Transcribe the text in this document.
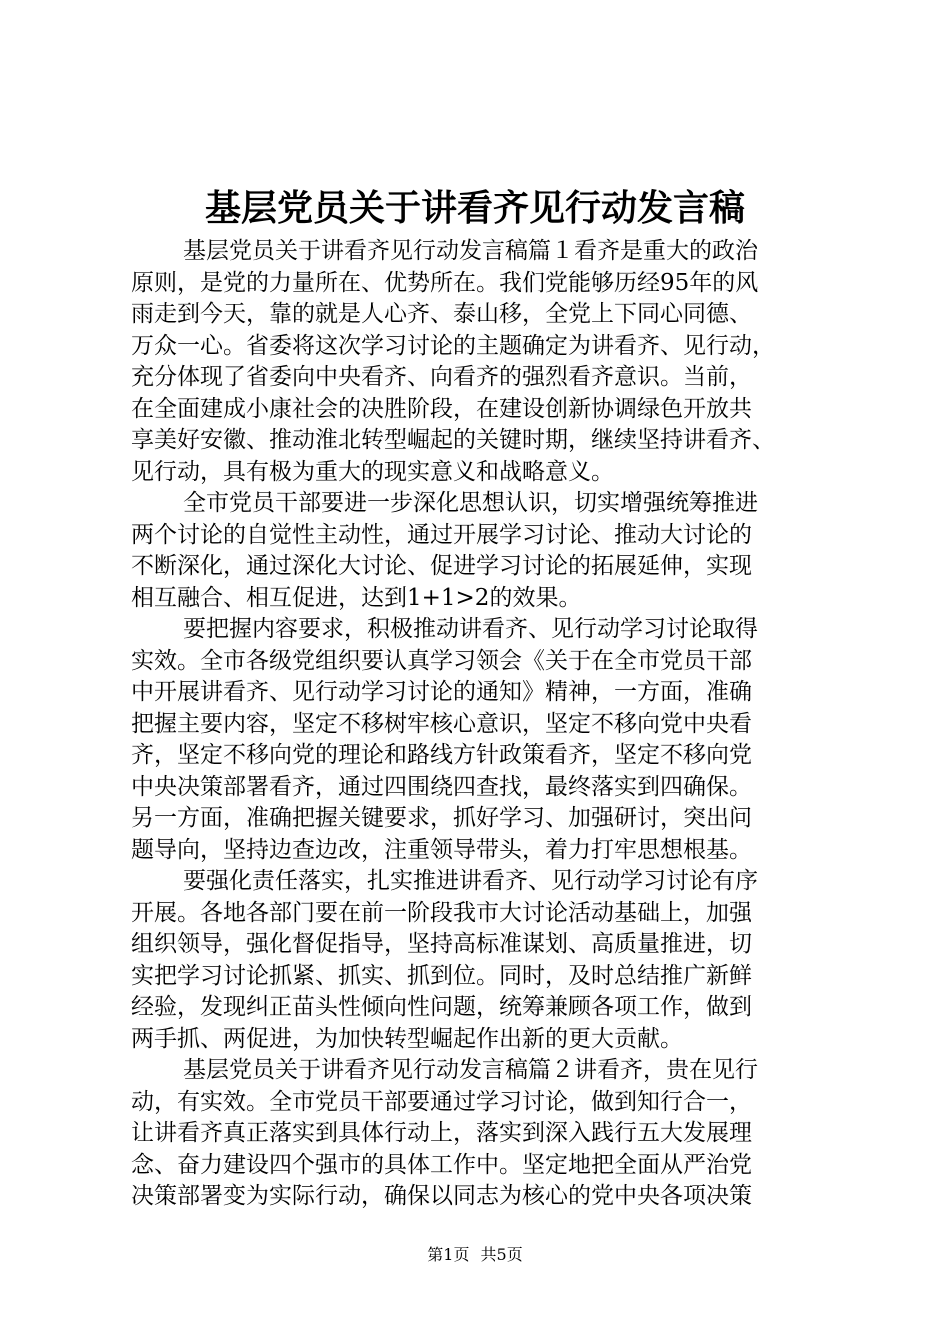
基层党员关于讲看齐见行动发言稿
基层党员关于讲看齐见行动发言稿篇１看齐是重大的政治
原则，是党的力量所在、优势所在。我们党能够历经95年的风
雨走到今天，靠的就是人心齐、泰山移，全党上下同心同德、
万众一心。省委将这次学习讨论的主题确定为讲看齐、见行动，
充分体现了省委向中央看齐、向看齐的强烈看齐意识。当前，
在全面建成小康社会的决胜阶段，在建设创新协调绿色开放共
享美好安徽、推动淮北转型崛起的关键时期，继续坚持讲看齐、
见行动，具有极为重大的现实意义和战略意义。
全市党员干部要进一步深化思想认识，切实增强统筹推进
两个讨论的自觉性主动性，通过开展学习讨论、推动大讨论的
不断深化，通过深化大讨论、促进学习讨论的拓展延伸，实现
相互融合、相互促进，达到1+1>2的效果。
要把握内容要求，积极推动讲看齐、见行动学习讨论取得
实效。全市各级党组织要认真学习领会《关于在全市党员干部
中开展讲看齐、见行动学习讨论的通知》精神，一方面，准确
把握主要内容，坚定不移树牢核心意识，坚定不移向党中央看
齐，坚定不移向党的理论和路线方针政策看齐，坚定不移向党
中央决策部署看齐，通过四围绕四查找，最终落实到四确保。
另一方面，准确把握关键要求，抓好学习、加强研讨，突出问
题导向，坚持边查边改，注重领导带头，着力打牢思想根基。
要强化责任落实，扎实推进讲看齐、见行动学习讨论有序
开展。各地各部门要在前一阶段我市大讨论活动基础上，加强
组织领导，强化督促指导，坚持高标准谋划、高质量推进，切
实把学习讨论抓紧、抓实、抓到位。同时，及时总结推广新鲜
经验，发现纠正苗头性倾向性问题，统筹兼顾各项工作，做到
两手抓、两促进，为加快转型崛起作出新的更大贡献。
基层党员关于讲看齐见行动发言稿篇２讲看齐，贵在见行
动，有实效。全市党员干部要通过学习讨论，做到知行合一，
让讲看齐真正落实到具体行动上，落实到深入践行五大发展理
念、奋力建设四个强市的具体工作中。坚定地把全面从严治党
决策部署变为实际行动，确保以同志为核心的党中央各项决策
第1页 共5页
